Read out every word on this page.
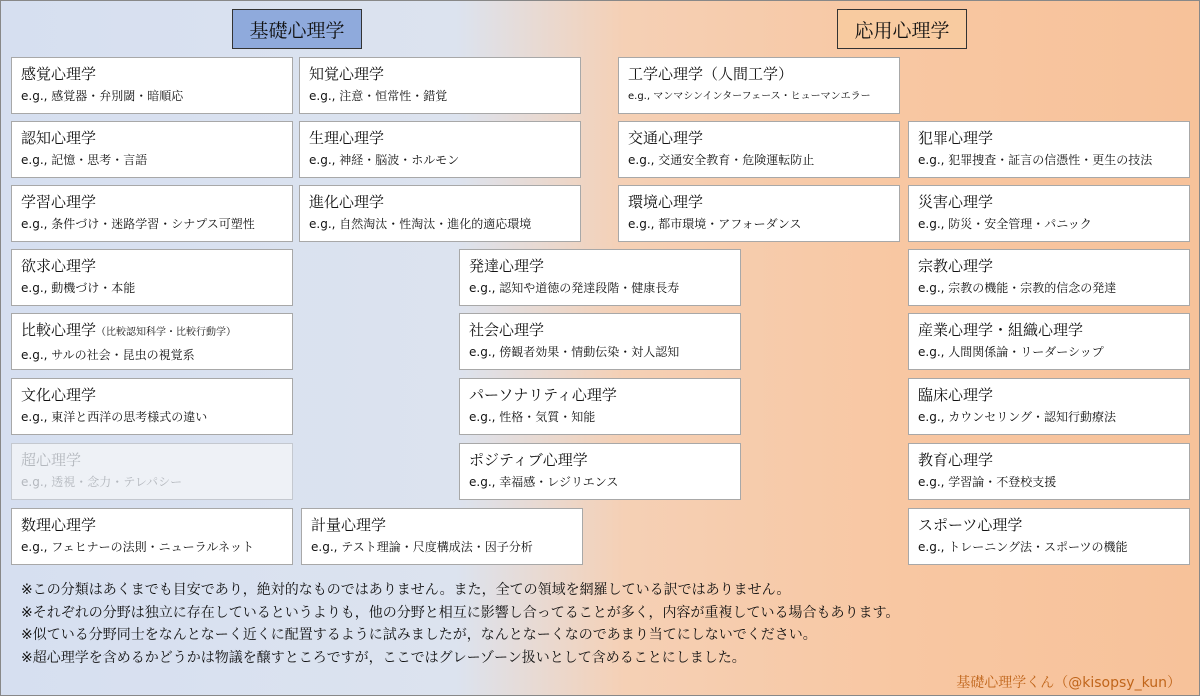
基礎心理学	応用心理学
感覚心理学
e.g., 感覚器・弁別閾・暗順応
知覚心理学
e.g., 注意・恒常性・錯覚
工学心理学（人間工学）
e.g., マンマシンインターフェース・ヒューマンエラー
認知心理学
e.g., 記憶・思考・言語
生理心理学
e.g., 神経・脳波・ホルモン
交通心理学
e.g., 交通安全教育・危険運転防止
犯罪心理学
e.g., 犯罪捜査・証言の信憑性・更生の技法
学習心理学
e.g., 条件づけ・迷路学習・シナプス可塑性
進化心理学
e.g., 自然淘汰・性淘汰・進化的適応環境
環境心理学
e.g., 都市環境・アフォーダンス
災害心理学
e.g., 防災・安全管理・パニック
欲求心理学
e.g., 動機づけ・本能
発達心理学
e.g., 認知や道徳の発達段階・健康長寿
宗教心理学
e.g., 宗教の機能・宗教的信念の発達
比較心理学（比較認知科学・比較行動学）
e.g., サルの社会・昆虫の視覚系
社会心理学
e.g., 傍観者効果・情動伝染・対人認知
産業心理学・組織心理学
e.g., 人間関係論・リーダーシップ
文化心理学
e.g., 東洋と西洋の思考様式の違い
パーソナリティ心理学
e.g., 性格・気質・知能
臨床心理学
e.g., カウンセリング・認知行動療法
超心理学
e.g., 透視・念力・テレパシー
ポジティブ心理学
e.g., 幸福感・レジリエンス
教育心理学
e.g., 学習論・不登校支援
数理心理学
e.g., フェヒナーの法則・ニューラルネット
計量心理学
e.g., テスト理論・尺度構成法・因子分析
スポーツ心理学
e.g., トレーニング法・スポーツの機能
※この分類はあくまでも目安であり，絶対的なものではありません。また，全ての領域を網羅している訳ではありません。
※それぞれの分野は独立に存在しているというよりも，他の分野と相互に影響し合ってることが多く，内容が重複している場合もあります。
※似ている分野同士をなんとなーく近くに配置するように試みましたが，なんとなーくなのであまり当てにしないでください。
※超心理学を含めるかどうかは物議を醸すところですが，ここではグレーゾーン扱いとして含めることにしました。
基礎心理学くん（@kisopsy_kun）
